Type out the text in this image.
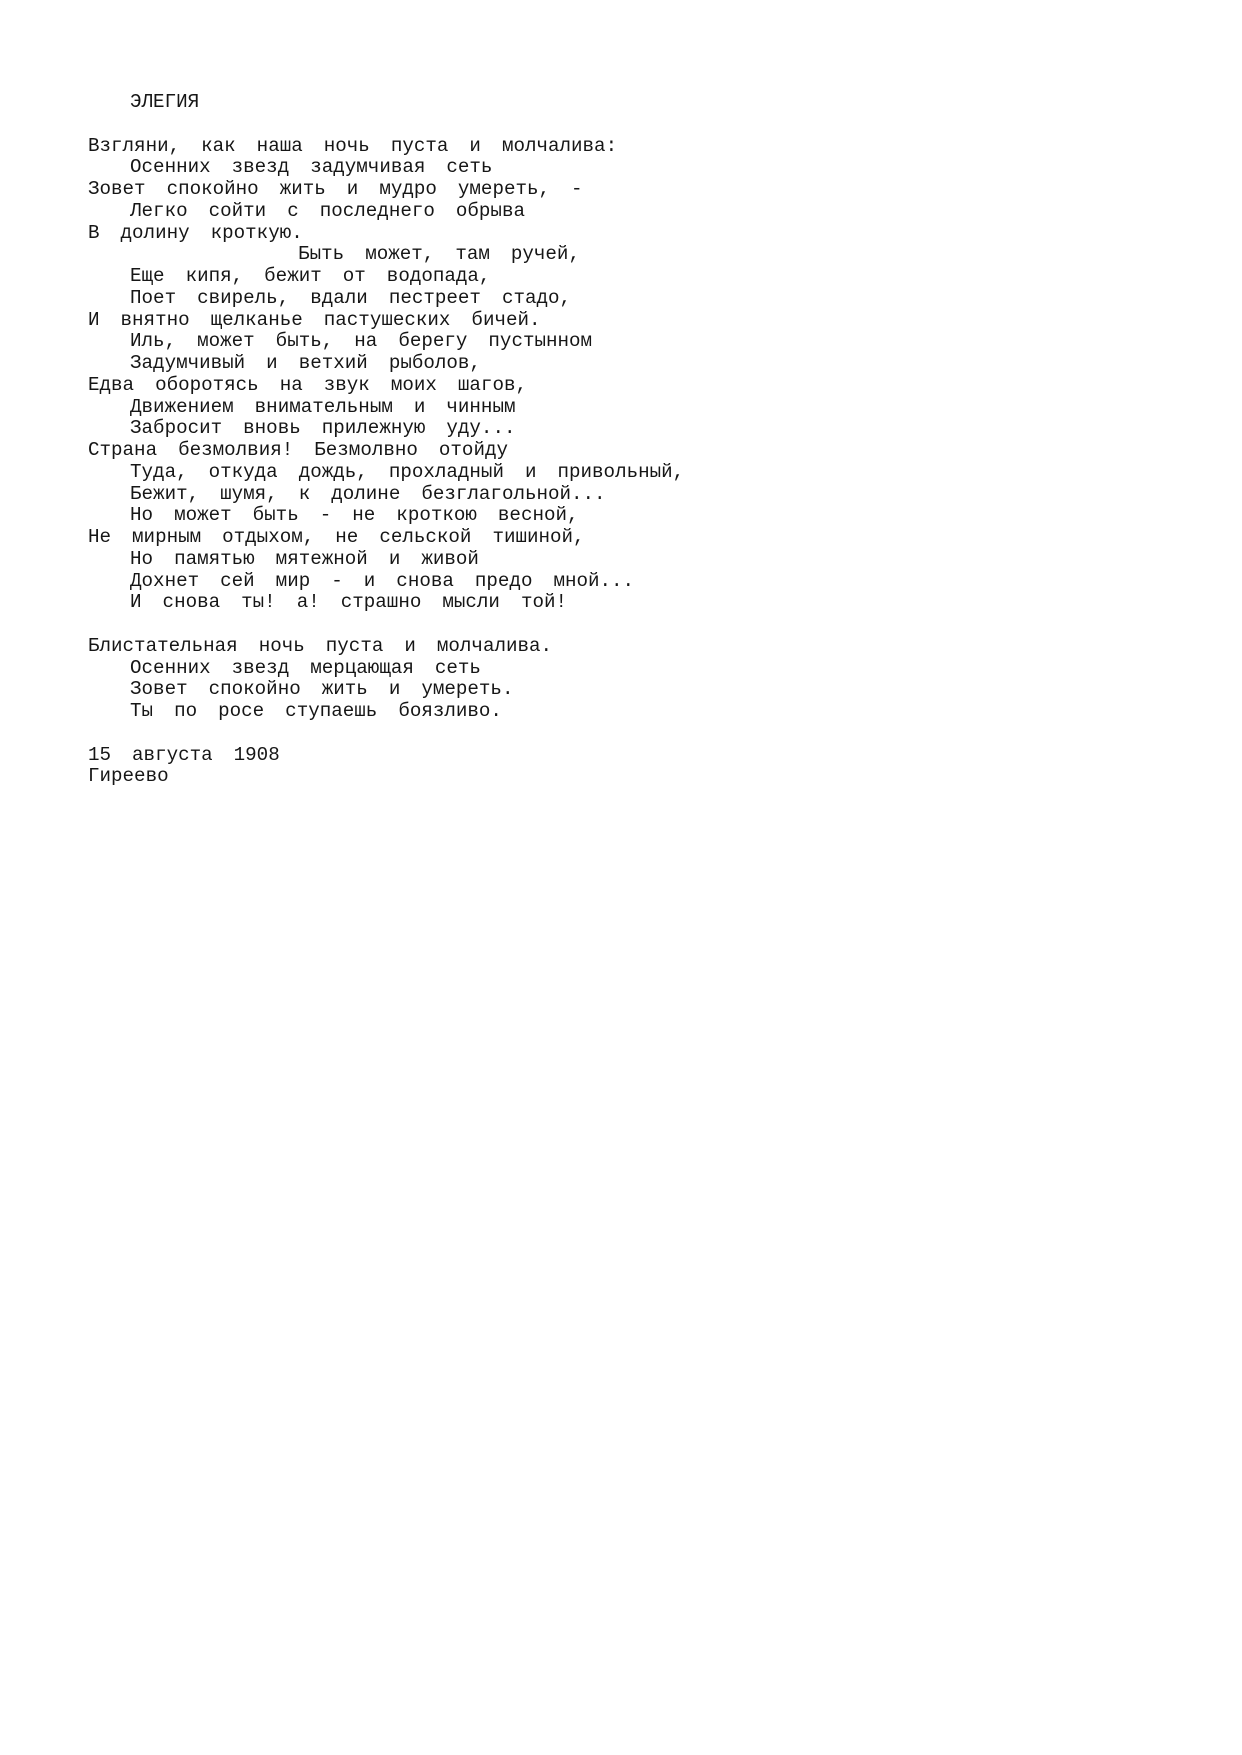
ЭЛЕГИЯ
Взгляни, как наша ночь пуста и молчалива:
Осенних звезд задумчивая сеть
Зовет спокойно жить и мудро умереть, -
Легко сойти с последнего обрыва
В долину кроткую.
Быть может, там ручей,
Еще кипя, бежит от водопада,
Поет свирель, вдали пестреет стадо,
И внятно щелканье пастушеских бичей.
Иль, может быть, на берегу пустынном
Задумчивый и ветхий рыболов,
Едва оборотясь на звук моих шагов,
Движением внимательным и чинным
Забросит вновь прилежную уду...
Страна безмолвия! Безмолвно отойду
Туда, откуда дождь, прохладный и привольный,
Бежит, шумя, к долине безглагольной...
Но может быть - не кроткою весной,
Не мирным отдыхом, не сельской тишиной,
Но памятью мятежной и живой
Дохнет сей мир - и снова предо мной...
И снова ты! а! страшно мысли той!
Блистательная ночь пуста и молчалива.
Осенних звезд мерцающая сеть
Зовет спокойно жить и умереть.
Ты по росе ступаешь боязливо.
15 августа 1908
Гиреево
